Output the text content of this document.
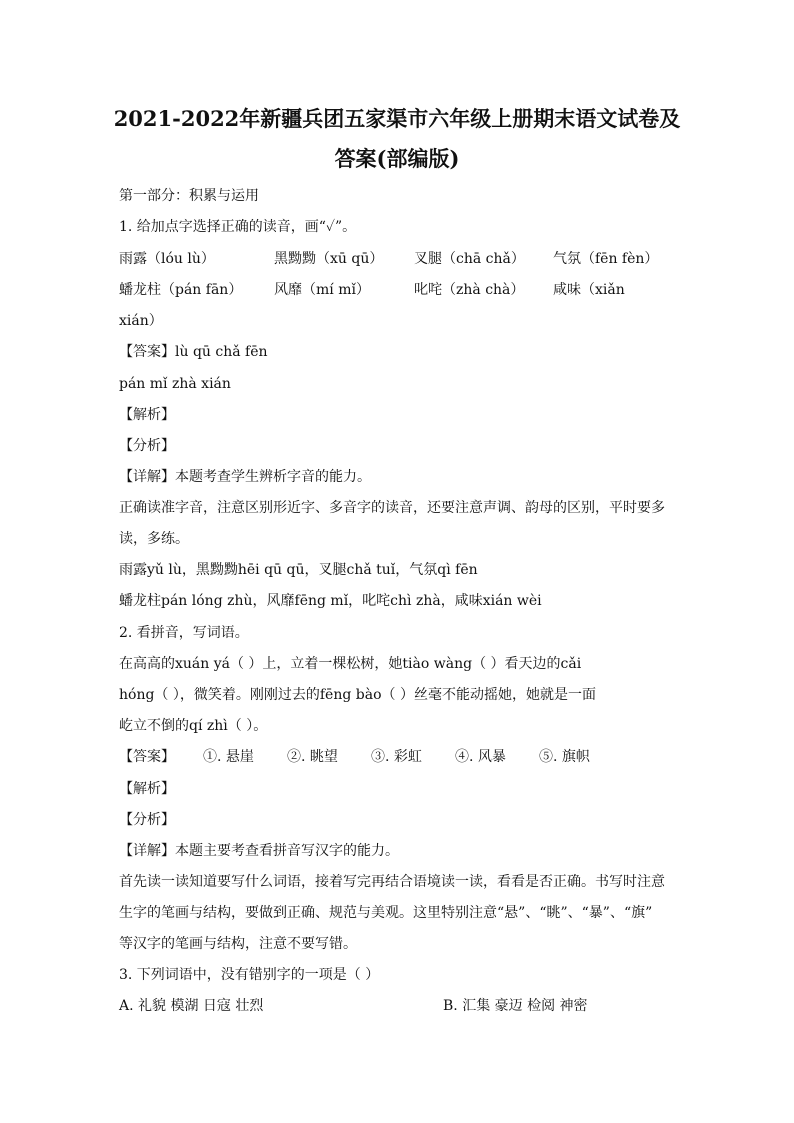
2021-2022年新疆兵团五家渠市六年级上册期末语文试卷及
答案(部编版)
第一部分：积累与运用
1. 给加点字选择正确的读音，画“✓”。
雨露（lóu lù）	黑黝黝（xū qū） 叉腿（chā chǎ） 气氛（fēn fèn）
蟠龙柱（pán fān） 风靡（mí mǐ）	叱咤（zhà chà） 咸味（xiǎn
xián）
【答案】lù qū chǎ fēn
pán mǐ zhà xián
【解析】
【分析】
【详解】本题考查学生辨析字音的能力。
正确读准字音，注意区别形近字、多音字的读音，还要注意声调、韵母的区别，平时要多
读，多练。
雨露yǔ lù，黑黝黝hēi qū qū，叉腿chǎ tuǐ，气氛qì fēn
蟠龙柱pán lóng zhù，风靡fēng mǐ，叱咤chì zhà，咸味xián wèi
2. 看拼音，写词语。
在高高的xuán yá（ ）上，立着一棵松树，她tiào wàng（ ）看天边的cǎi
hóng（ ），微笑着。刚刚过去的fēng bào（ ）丝毫不能动摇她，她就是一面
屹立不倒的qí zhì（ ）。
【答案】 ①. 悬崖 ②. 眺望 ③. 彩虹 ④. 风暴 ⑤. 旗帜
【解析】
【分析】
【详解】本题主要考查看拼音写汉字的能力。
首先读一读知道要写什么词语，接着写完再结合语境读一读，看看是否正确。书写时注意
生字的笔画与结构，要做到正确、规范与美观。这里特别注意“悬”、“眺”、“暴”、“旗”
等汉字的笔画与结构，注意不要写错。
3. 下列词语中，没有错别字的一项是（ ）
A. 礼貌 模湖 日寇 壮烈	B. 汇集 豪迈 检阅 神密
